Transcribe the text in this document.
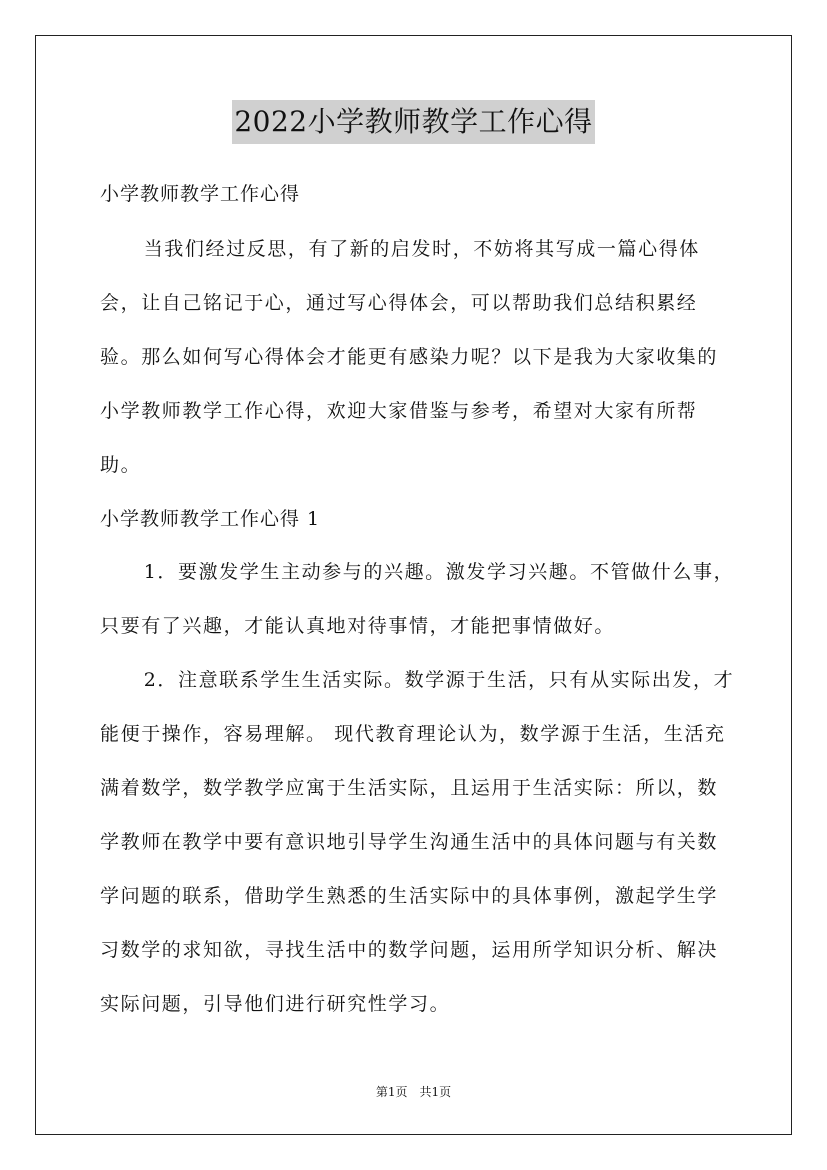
2022小学教师教学工作心得

小学教师教学工作心得

当我们经过反思，有了新的启发时，不妨将其写成一篇心得体会，让自己铭记于心，通过写心得体会，可以帮助我们总结积累经验。那么如何写心得体会才能更有感染力呢？以下是我为大家收集的小学教师教学工作心得，欢迎大家借鉴与参考，希望对大家有所帮助。

小学教师教学工作心得 1

1．要激发学生主动参与的兴趣。激发学习兴趣。不管做什么事，只要有了兴趣，才能认真地对待事情，才能把事情做好。

2．注意联系学生生活实际。数学源于生活，只有从实际出发，才能便于操作，容易理解。 现代教育理论认为，数学源于生活，生活充满着数学，数学教学应寓于生活实际，且运用于生活实际：所以，数学教师在教学中要有意识地引导学生沟通生活中的具体问题与有关数学问题的联系，借助学生熟悉的生活实际中的具体事例，激起学生学习数学的求知欲，寻找生活中的数学问题，运用所学知识分析、解决实际问题，引导他们进行研究性学习。

第1页　共1页
